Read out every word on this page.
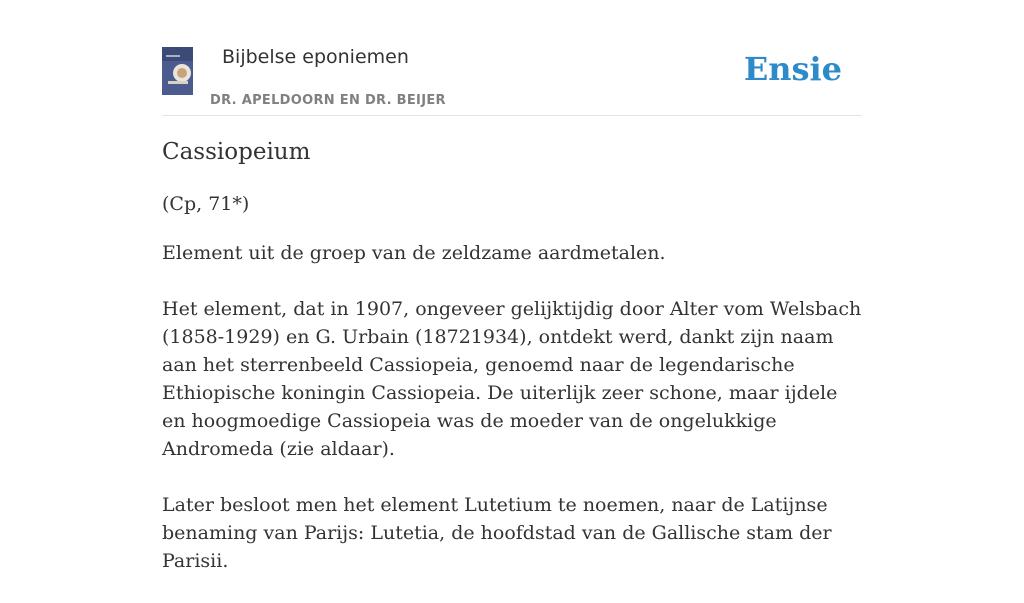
Bijbelse eponiemen
DR. APELDOORN EN DR. BEIJER
Ensie
Cassiopeium
(Cp, 71*)

Element uit de groep van de zeldzame aardmetalen.

Het element, dat in 1907, ongeveer gelijktijdig door Alter vom Welsbach (1858-1929) en G. Urbain (18721934), ontdekt werd, dankt zijn naam aan het sterrenbeeld Cassiopeia, genoemd naar de legendarische Ethiopische koningin Cassiopeia. De uiterlijk zeer schone, maar ijdele en hoogmoedige Cassiopeia was de moeder van de ongelukkige Andromeda (zie aldaar).

Later besloot men het element Lutetium te noemen, naar de Latijnse benaming van Parijs: Lutetia, de hoofdstad van de Gallische stam der Parisii.
